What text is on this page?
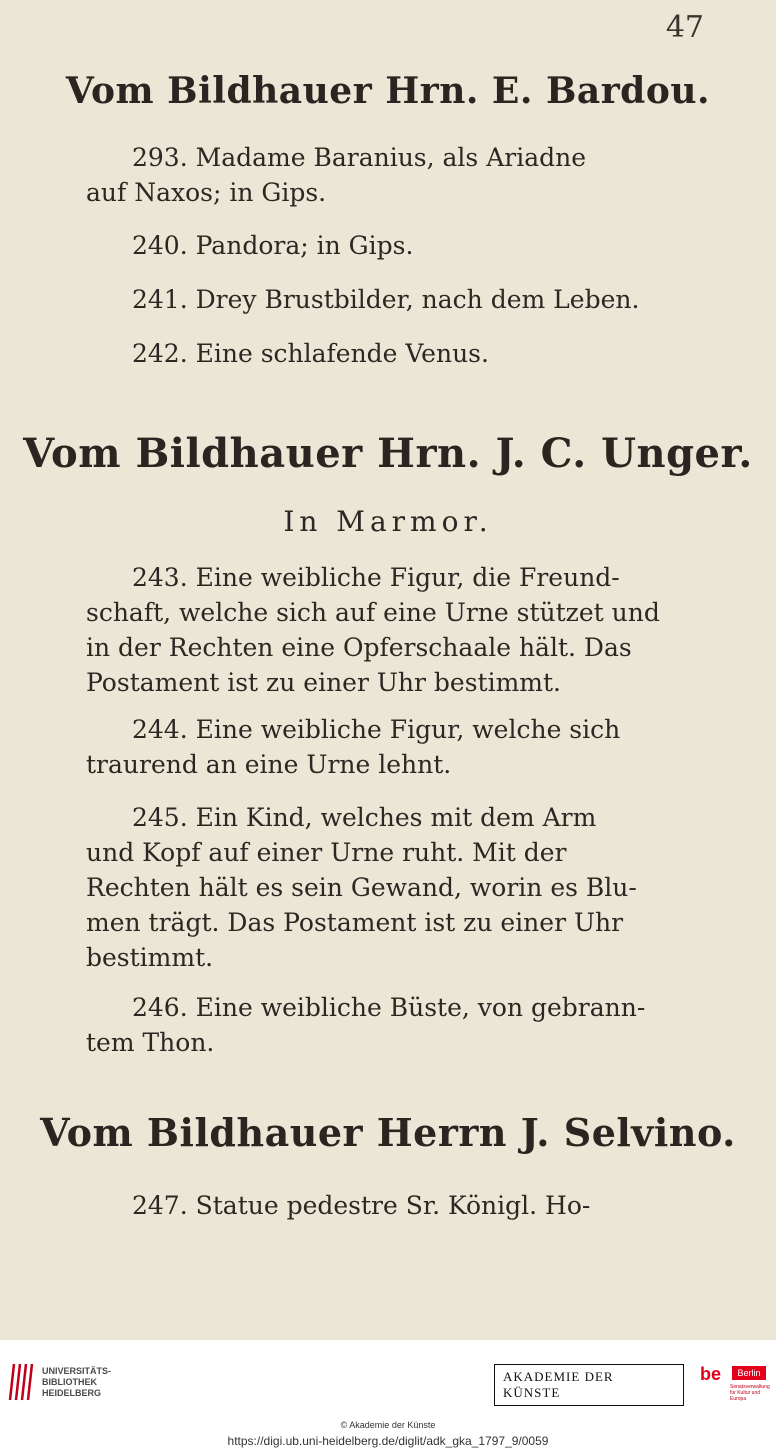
47
Vom Bildhauer Hrn. E. Bardou.

293. Madame Baranius, als Ariadne
auf Naxos; in Gips.

240. Pandora; in Gips.

241. Drey Brustbilder, nach dem Leben.

242. Eine schlafende Venus.

Vom Bildhauer Hrn. J. C. Unger.
In Marmor.

243. Eine weibliche Figur, die Freund-
schaft, welche sich auf eine Urne stützet und
in der Rechten eine Opferschaale hält. Das
Postament ist zu einer Uhr bestimmt.

244. Eine weibliche Figur, welche sich
traurend an eine Urne lehnt.

245. Ein Kind, welches mit dem Arm
und Kopf auf einer Urne ruht. Mit der
Rechten hält es sein Gewand, worin es Blu-
men trägt. Das Postament ist zu einer Uhr
bestimmt.

246. Eine weibliche Büste, von gebrann-
tem Thon.

Vom Bildhauer Herrn J. Selvino.

247. Statue pedestre Sr. Königl. Ho-

UNIVERSITÄTS-
BIBLIOTHEK
HEIDELBERG
AKADEMIE DER KÜNSTE
be	Berlin
Senatsverwaltung für Kultur und Europa
© Akademie der Künste
https://digi.ub.uni-heidelberg.de/diglit/adk_gka_1797_9/0059
